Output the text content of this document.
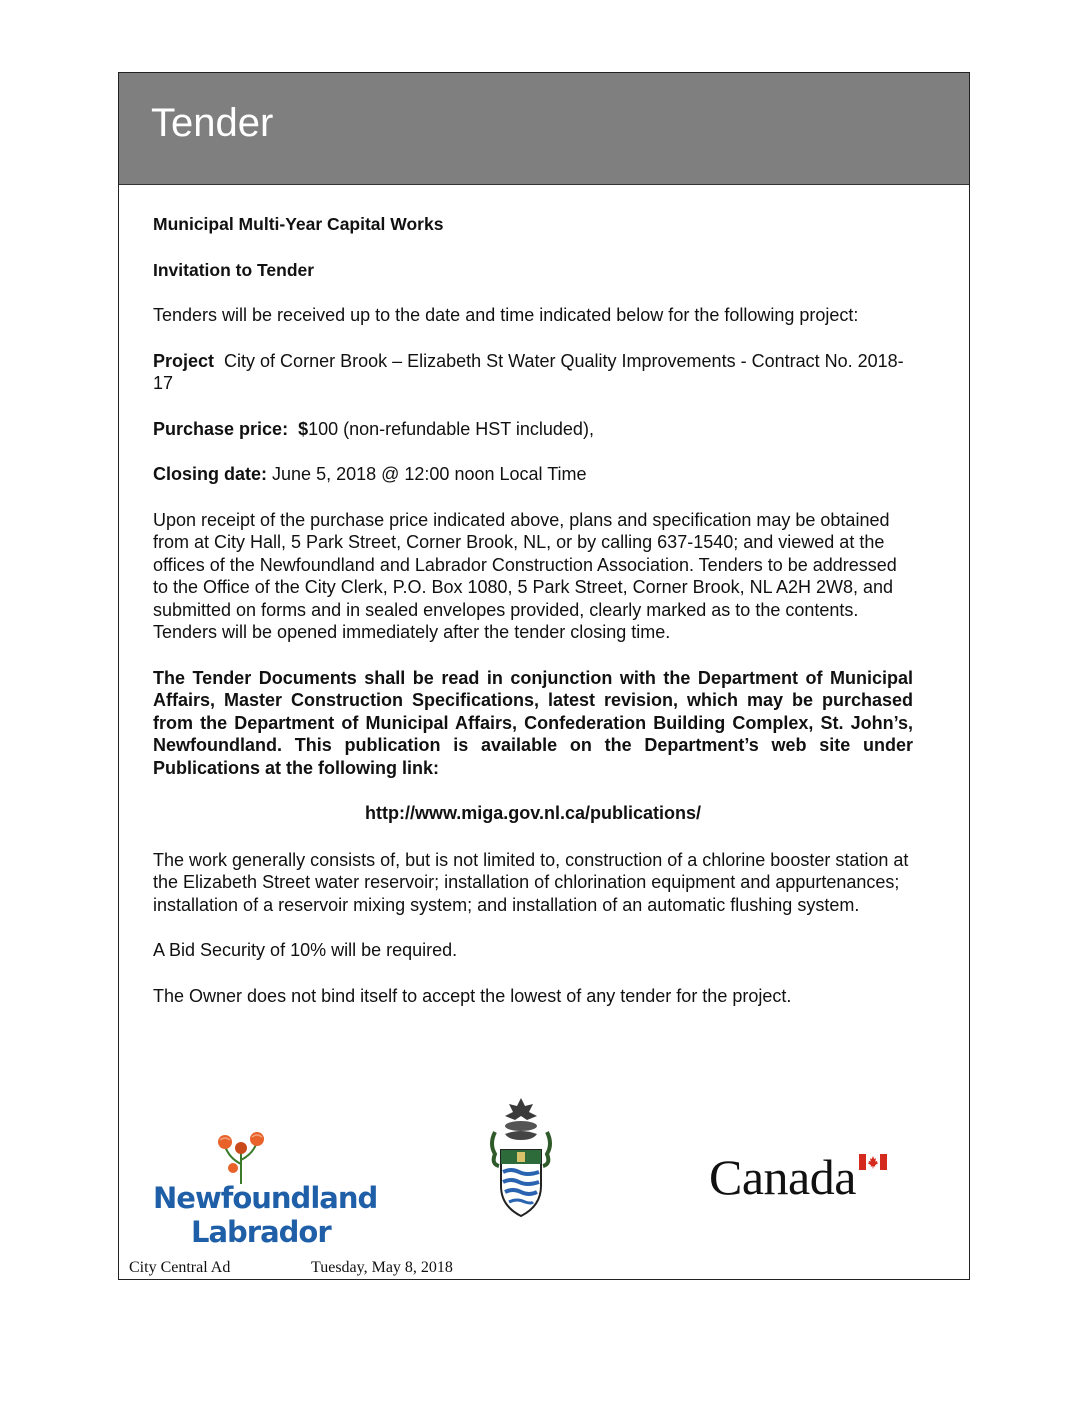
Tender

Municipal Multi-Year Capital Works

Invitation to Tender

Tenders will be received up to the date and time indicated below for the following project:

Project City of Corner Brook – Elizabeth St Water Quality Improvements - Contract No. 2018-17

Purchase price: $100 (non-refundable HST included),

Closing date: June 5, 2018 @ 12:00 noon Local Time

Upon receipt of the purchase price indicated above, plans and specification may be obtained from at City Hall, 5 Park Street, Corner Brook, NL, or by calling 637-1540; and viewed at the offices of the Newfoundland and Labrador Construction Association. Tenders to be addressed to the Office of the City Clerk, P.O. Box 1080, 5 Park Street, Corner Brook, NL A2H 2W8, and submitted on forms and in sealed envelopes provided, clearly marked as to the contents. Tenders will be opened immediately after the tender closing time.

The Tender Documents shall be read in conjunction with the Department of Municipal Affairs, Master Construction Specifications, latest revision, which may be purchased from the Department of Municipal Affairs, Confederation Building Complex, St. John’s, Newfoundland. This publication is available on the Department’s web site under Publications at the following link:

http://www.miga.gov.nl.ca/publications/

The work generally consists of, but is not limited to, construction of a chlorine booster station at the Elizabeth Street water reservoir; installation of chlorination equipment and appurtenances; installation of a reservoir mixing system; and installation of an automatic flushing system.

A Bid Security of 10% will be required.

The Owner does not bind itself to accept the lowest of any tender for the project.

Newfoundland
Labrador
Canada
City Central Ad	Tuesday, May 8, 2018
